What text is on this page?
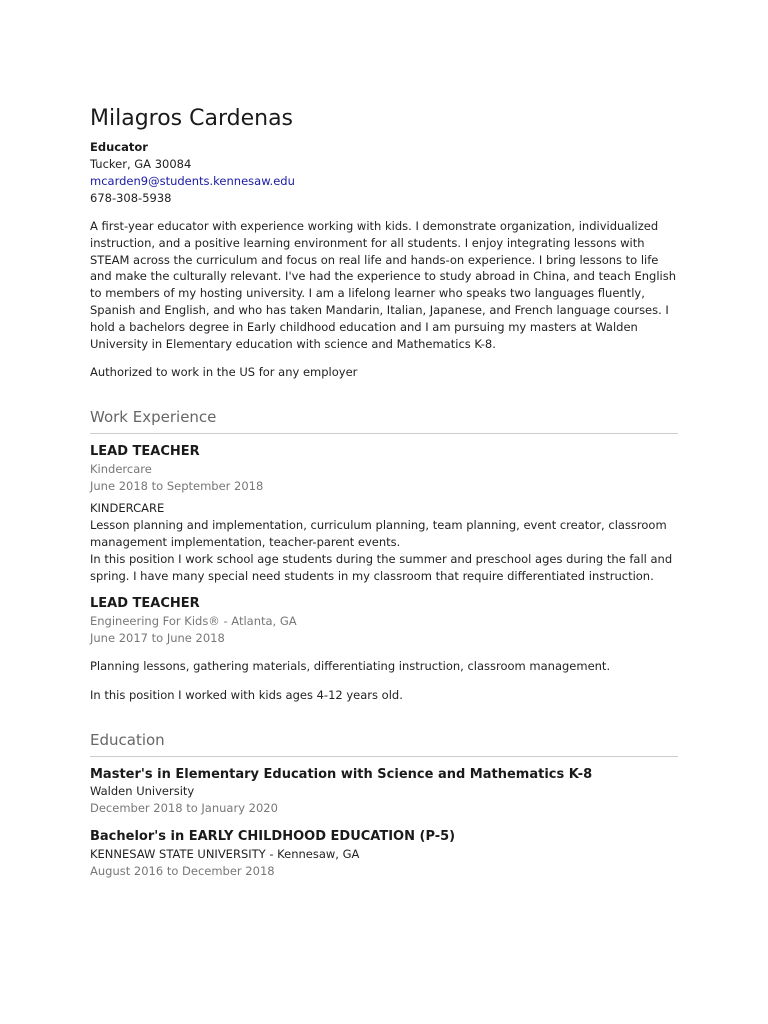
Milagros Cardenas
Educator
Tucker, GA 30084
mcarden9@students.kennesaw.edu
678-308-5938
A first-year educator with experience working with kids. I demonstrate organization, individualized instruction, and a positive learning environment for all students. I enjoy integrating lessons with STEAM across the curriculum and focus on real life and hands-on experience. I bring lessons to life and make the culturally relevant. I've had the experience to study abroad in China, and teach English to members of my hosting university. I am a lifelong learner who speaks two languages fluently, Spanish and English, and who has taken Mandarin, Italian, Japanese, and French language courses. I hold a bachelors degree in Early childhood education and I am pursuing my masters at Walden University in Elementary education with science and Mathematics K-8.
Authorized to work in the US for any employer
Work Experience
LEAD TEACHER
Kindercare
June 2018 to September 2018
KINDERCARE
Lesson planning and implementation, curriculum planning, team planning, event creator, classroom management implementation, teacher-parent events.
In this position I work school age students during the summer and preschool ages during the fall and spring. I have many special need students in my classroom that require differentiated instruction.
LEAD TEACHER
Engineering For Kids® - Atlanta, GA
June 2017 to June 2018
Planning lessons, gathering materials, differentiating instruction, classroom management.
In this position I worked with kids ages 4-12 years old.
Education
Master's in Elementary Education with Science and Mathematics K-8
Walden University
December 2018 to January 2020
Bachelor's in EARLY CHILDHOOD EDUCATION (P-5)
KENNESAW STATE UNIVERSITY - Kennesaw, GA
August 2016 to December 2018
